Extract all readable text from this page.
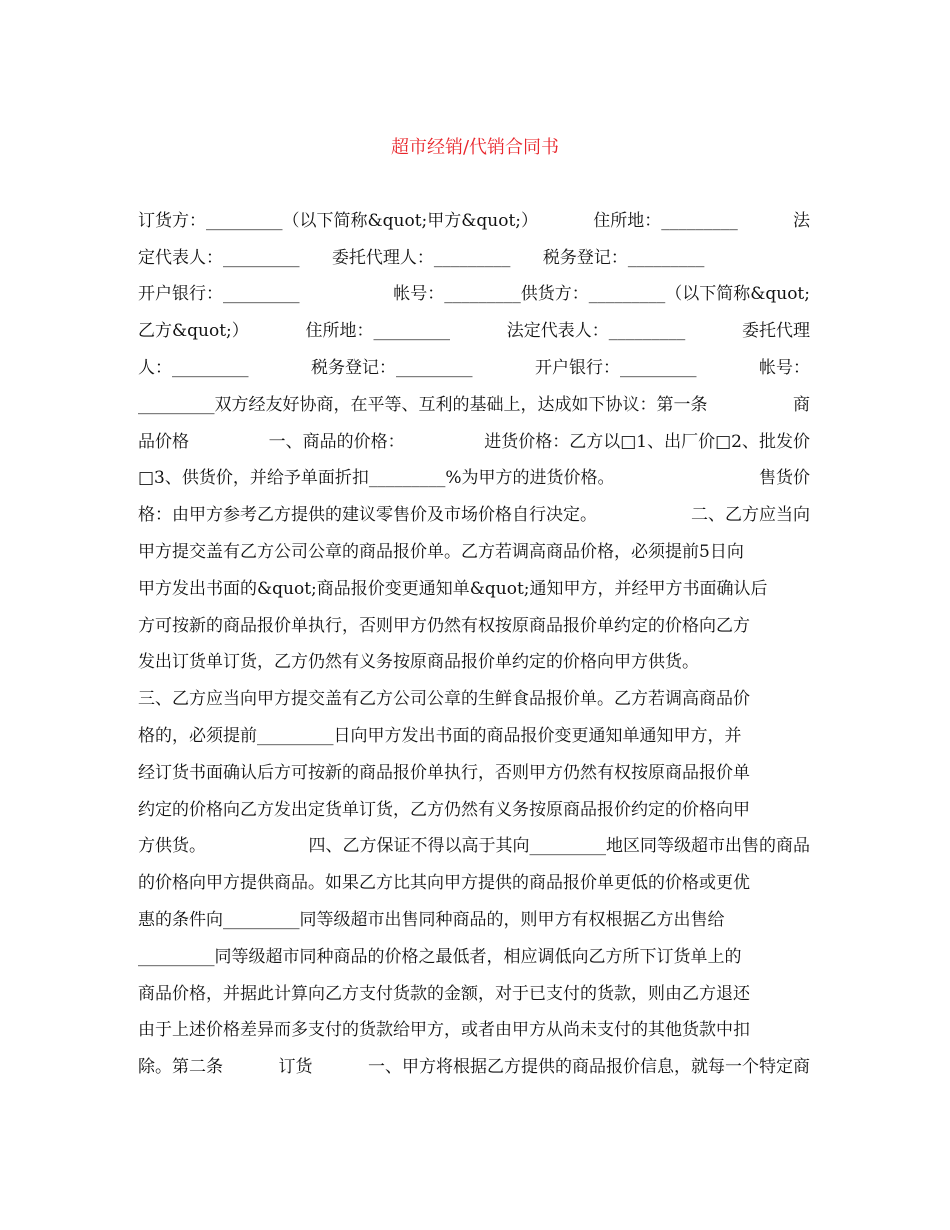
超市经销/代销合同书
订货方：_________（以下简称&quot;甲方&quot;）	住所地：_________	法
定代表人：_________ 委托代理人：_________ 税务登记：_________
开户银行：_________	帐号：_________供货方：_________（以下简称&quot;
乙方&quot;）	住所地：_________	法定代表人：_________	委托代理
人：_________	税务登记：_________	开户银行：_________	帐号：
_________双方经友好协商，在平等、互利的基础上，达成如下协议：第一条	商
品价格	一、商品的价格：	进货价格：乙方以□1、出厂价□2、批发价
□3、供货价，并给予单面折扣_________%为甲方的进货价格。	售货价
格：由甲方参考乙方提供的建议零售价及市场价格自行决定。	二、乙方应当向
甲方提交盖有乙方公司公章的商品报价单。乙方若调高商品价格，必须提前5日向
甲方发出书面的&quot;商品报价变更通知单&quot;通知甲方，并经甲方书面确认后
方可按新的商品报价单执行，否则甲方仍然有权按原商品报价单约定的价格向乙方
发出订货单订货，乙方仍然有义务按原商品报价单约定的价格向甲方供货。
三、乙方应当向甲方提交盖有乙方公司公章的生鲜食品报价单。乙方若调高商品价
格的，必须提前_________日向甲方发出书面的商品报价变更通知单通知甲方，并
经订货书面确认后方可按新的商品报价单执行，否则甲方仍然有权按原商品报价单
约定的价格向乙方发出定货单订货，乙方仍然有义务按原商品报价约定的价格向甲
方供货。	四、乙方保证不得以高于其向_________地区同等级超市出售的商品
的价格向甲方提供商品。如果乙方比其向甲方提供的商品报价单更低的价格或更优
惠的条件向_________同等级超市出售同种商品的，则甲方有权根据乙方出售给
_________同等级超市同种商品的价格之最低者，相应调低向乙方所下订货单上的
商品价格，并据此计算向乙方支付货款的金额，对于已支付的货款，则由乙方退还
由于上述价格差异而多支付的货款给甲方，或者由甲方从尚未支付的其他货款中扣
除。第二条	订货	一、甲方将根据乙方提供的商品报价信息，就每一个特定商
